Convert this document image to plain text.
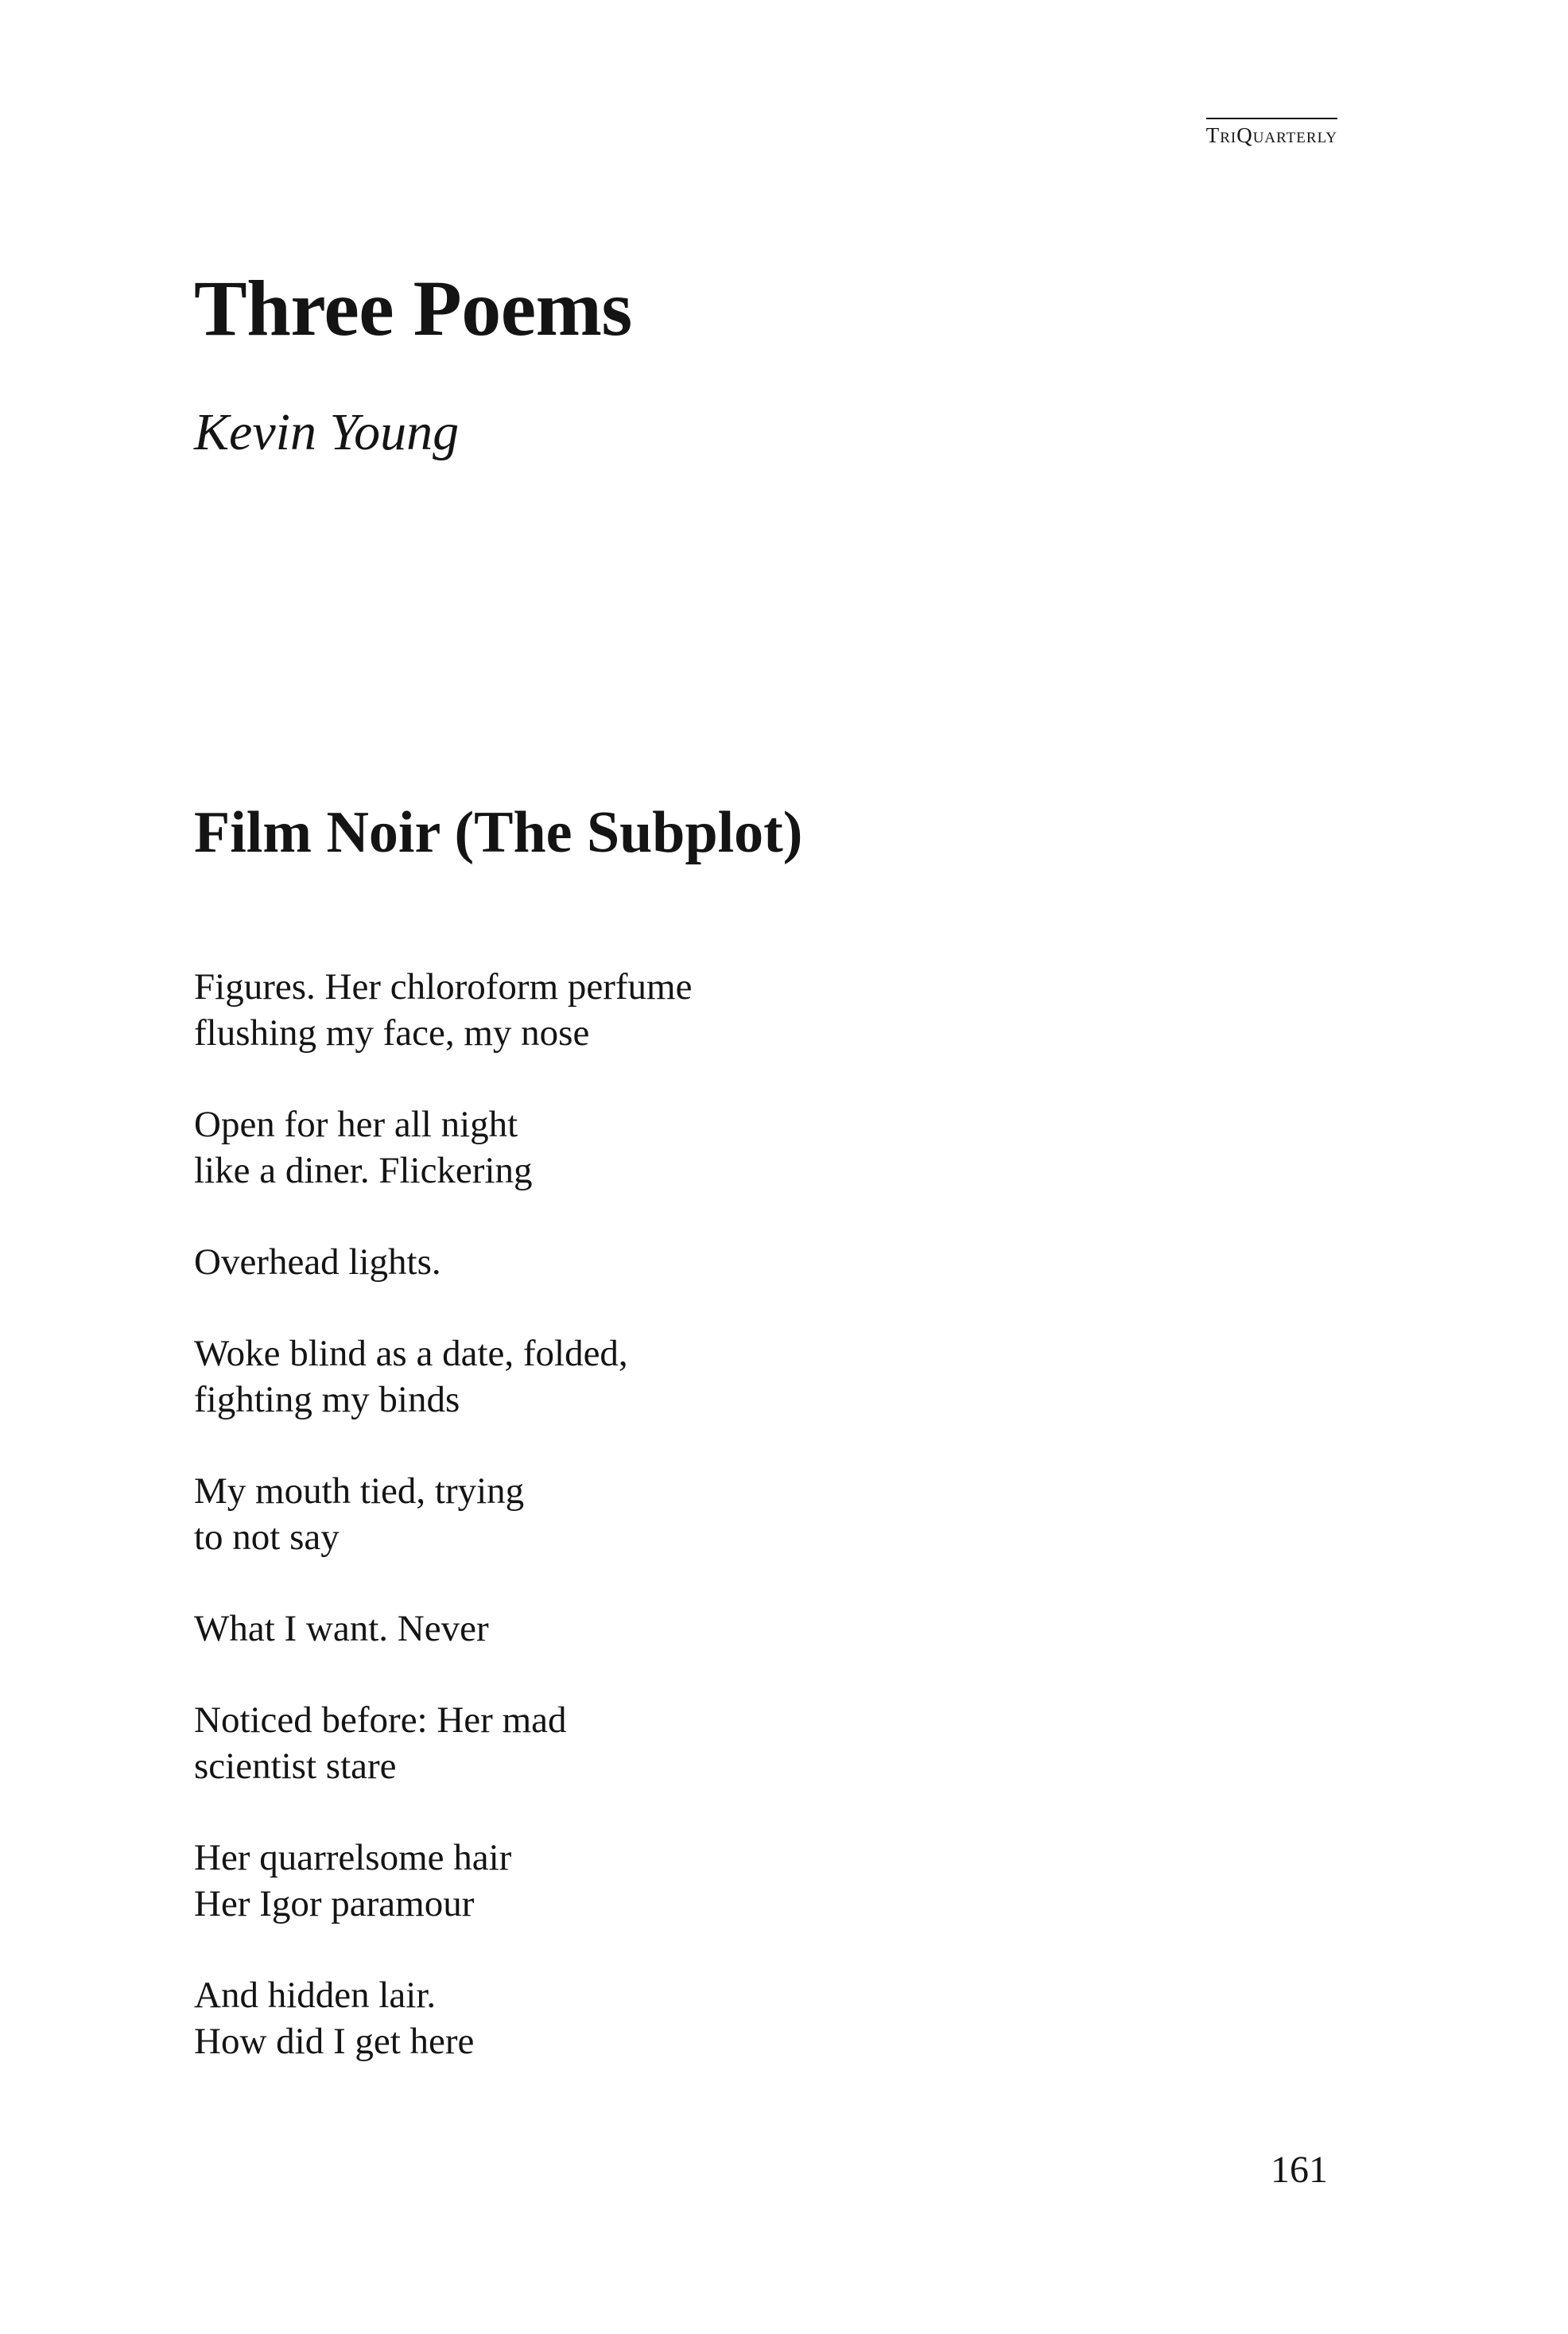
TriQuarterly
Three Poems
Kevin Young
Film Noir (The Subplot)

Figures. Her chloroform perfume
flushing my face, my nose

Open for her all night
like a diner. Flickering

Overhead lights.

Woke blind as a date, folded,
fighting my binds

My mouth tied, trying
to not say

What I want. Never

Noticed before: Her mad
scientist stare

Her quarrelsome hair
Her Igor paramour

And hidden lair.
How did I get here

161
